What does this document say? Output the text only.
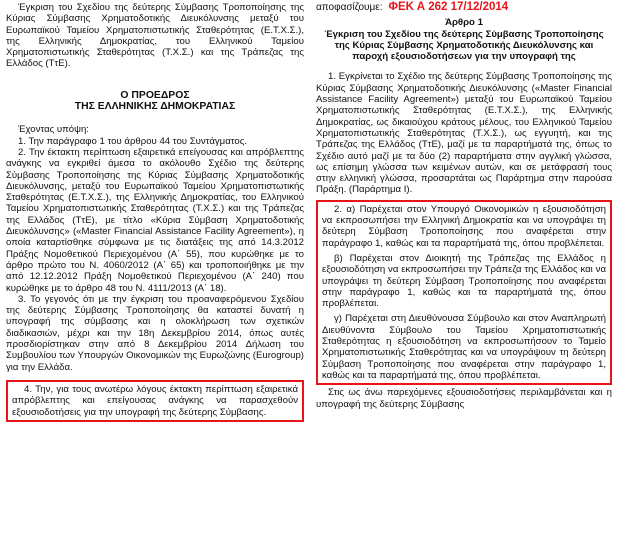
Έγκριση του Σχεδίου της δεύτερης Σύμβασης Τροποποίησης της Κύριας Σύμβασης Χρηματοδοτικής Διευκόλυνσης μεταξύ του Ευρωπαϊκού Ταμείου Χρηματοπιστωτικής Σταθερότητας (Ε.Τ.Χ.Σ.), της Ελληνικής Δημοκρατίας, του Ελληνικού Ταμείου Χρηματοπιστωτικής Σταθερότητας (Τ.Χ.Σ.) και της Τράπεζας της Ελλάδος (ΤτΕ).

Ο ΠΡΟΕΔΡΟΣ

ΤΗΣ ΕΛΛΗΝΙΚΗΣ ΔΗΜΟΚΡΑΤΙΑΣ

Έχοντας υπόψη:

1. Την παράγραφο 1 του άρθρου 44 του Συντάγματος.

2. Την έκτακτη περίπτωση εξαιρετικά επείγουσας και απρόβλεπτης ανάγκης να εγκριθεί άμεσα το ακόλουθο Σχέδιο της δεύτερης Σύμβασης Τροποποίησης της Κύριας Σύμβασης Χρηματοδοτικής Διευκόλυνσης, μεταξύ του Ευρωπαϊκού Ταμείου Χρηματοπιστωτικής Σταθερότητας (Ε.Τ.Χ.Σ.), της Ελληνικής Δημοκρατίας, του Ελληνικού Ταμείου Χρηματοπιστωτικής Σταθερότητας (Τ.Χ.Σ.) και της Τράπεζας της Ελλάδος (ΤτΕ), με τίτλο «Κύρια Σύμβαση Χρηματοδοτικής Διευκόλυνσης» («Master Financial Assistance Facility Agreement»), η οποία καταρτίσθηκε σύμφωνα με τις διατάξεις της από 14.3.2012 Πράξης Νομοθετικού Περιεχομένου (Α΄ 55), που κυρώθηκε με το άρθρο πρώτο του Ν. 4060/2012 (Α΄ 65) και τροποποιήθηκε με την από 12.12.2012 Πράξη Νομοθετικού Περιεχομένου (Α΄ 240) που κυρώθηκε με το άρθρο 48 του Ν. 4111/2013 (Α΄ 18).

3. Το γεγονός ότι με την έγκριση του προαναφερόμενου Σχεδίου της δεύτερης Σύμβασης Τροποποίησης θα καταστεί δυνατή η υπογραφή της σύμβασης και η ολοκλήρωση των σχετικών διαδικασιών, μέχρι και την 18η Δεκεμβρίου 2014, όπως αυτές προσδιορίστηκαν στην από 8 Δεκεμβρίου 2014 Δήλωση του Συμβουλίου των Υπουργών Οικονομικών της Ευρωζώνης (Eurogroup) για την Ελλάδα.

4. Την, για τους ανωτέρω λόγους έκτακτη περίπτωση εξαιρετικά απρόβλεπτης και επείγουσας ανάγκης να παρασχεθούν εξουσιοδοτήσεις για την υπογραφή της δεύτερης Σύμβασης.

αποφασίζουμε: ΦΕΚ Α 262 17/12/2014

Άρθρο 1

Έγκριση του Σχεδίου της δεύτερης Σύμβασης Τροποποίησης της Κύριας Σύμβασης Χρηματοδοτικής Διευκόλυνσης και παροχή εξουσιοδοτήσεων για την υπογραφή της

1. Εγκρίνεται το Σχέδιο της δεύτερης Σύμβασης Τροποποίησης της Κύριας Σύμβασης Χρηματοδοτικής Διευκόλυνσης («Master Financial Assistance Facility Agreement») μεταξύ του Ευρωπαϊκού Ταμείου Χρηματοπιστωτικής Σταθερότητας (Ε.Τ.Χ.Σ.), της Ελληνικής Δημοκρατίας, ως δικαιούχου κράτους μέλους, του Ελληνικού Ταμείου Χρηματοπιστωτικής Σταθερότητας (Τ.Χ.Σ.), ως εγγυητή, και της Τράπεζας της Ελλάδος (ΤτΕ), μαζί με τα παραρτήματά της, όπως το Σχέδιο αυτό μαζί με τα δύο (2) παραρτήματα στην αγγλική γλώσσα, ως επίσημη γλώσσα των κειμένων αυτών, και σε μετάφρασή τους στην ελληνική γλώσσα, προσαρτάται ως Παράρτημα στην παρούσα Πράξη. (Παράρτημα Ι).

2. α) Παρέχεται στον Υπουργό Οικονομικών η εξουσιοδότηση να εκπροσωπήσει την Ελληνική Δημοκρατία και να υπογράψει τη δεύτερη Σύμβαση Τροποποίησης που αναφέρεται στην παράγραφο 1, καθώς και τα παραρτήματά της, όπου προβλέπεται.

β) Παρέχεται στον Διοικητή της Τράπεζας της Ελλάδος η εξουσιοδότηση να εκπροσωπήσει την Τράπεζα της Ελλάδος και να υπογράψει τη δεύτερη Σύμβαση Τροποποίησης που αναφέρεται στην παράγραφο 1, καθώς και τα παραρτήματά της, όπου προβλέπεται.

γ) Παρέχεται στη Διευθύνουσα Σύμβουλο και στον Αναπληρωτή Διευθύνοντα Σύμβουλο του Ταμείου Χρηματοπιστωτικής Σταθερότητας η εξουσιοδότηση να εκπροσωπήσουν το Ταμείο Χρηματοπιστωτικής Σταθερότητας και να υπογράψουν τη δεύτερη Σύμβαση Τροποποίησης που αναφέρεται στην παράγραφο 1, καθώς και τα παραρτήματά της, όπου προβλέπεται.

Στις ως άνω παρεχόμενες εξουσιοδοτήσεις περιλαμβάνεται και η υπογραφή της δεύτερης Σύμβασης
